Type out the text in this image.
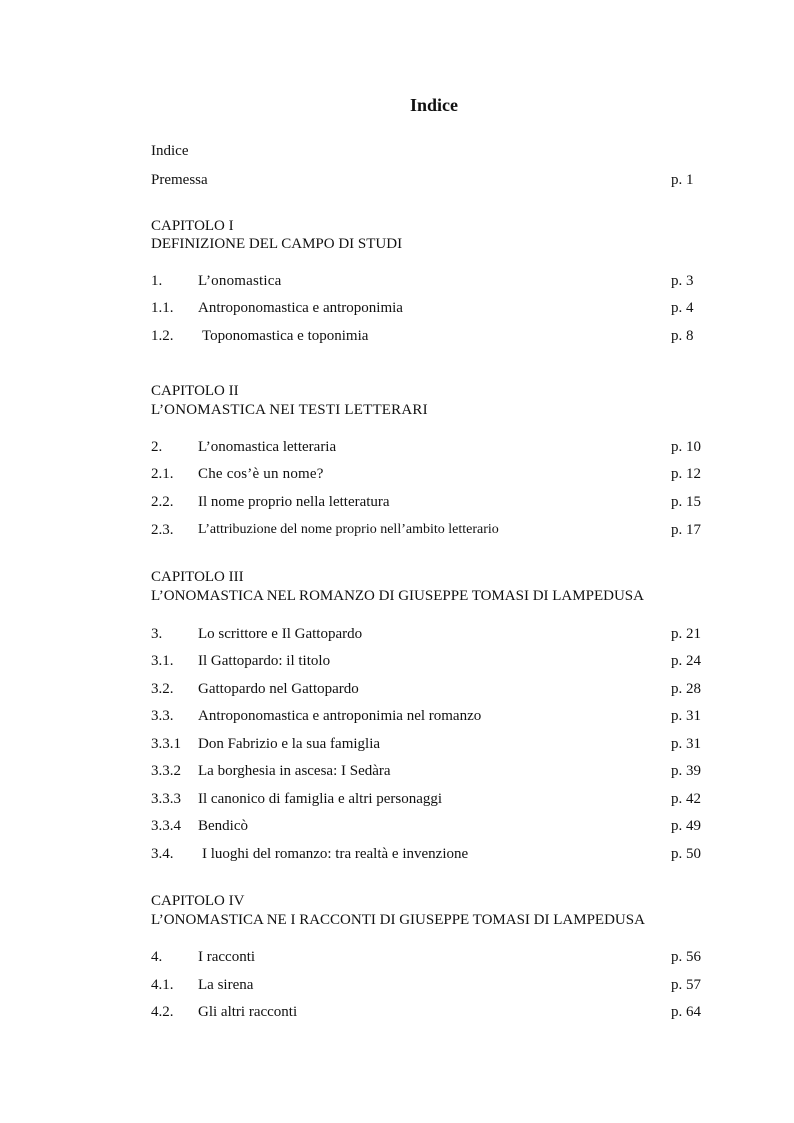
Indice
Indice
Premessa	p. 1
CAPITOLO I
DEFINIZIONE DEL CAMPO DI STUDI
1.	L’onomastica	p. 3
1.1.	Antroponomastica e antroponimia	p. 4
1.2.	Toponomastica e toponimia	p. 8
CAPITOLO II
L’ONOMASTICA NEI TESTI LETTERARI
2.	L’onomastica letteraria	p. 10
2.1.	Che cos’è un nome?	p. 12
2.2.	Il nome proprio nella letteratura	p. 15
2.3.	L’attribuzione del nome proprio nell’ambito letterario	p. 17
CAPITOLO III
L’ONOMASTICA NEL ROMANZO DI GIUSEPPE TOMASI DI LAMPEDUSA
3.	Lo scrittore e Il Gattopardo	p. 21
3.1.	Il Gattopardo: il titolo	p. 24
3.2.	Gattopardo nel Gattopardo	p. 28
3.3.	Antroponomastica e antroponimia nel romanzo	p. 31
3.3.1	Don Fabrizio e la sua famiglia	p. 31
3.3.2	La borghesia in ascesa: I Sedàra	p. 39
3.3.3	Il canonico di famiglia e altri personaggi	p. 42
3.3.4	Bendicò	p. 49
3.4.	I luoghi del romanzo: tra realtà e invenzione	p. 50
CAPITOLO IV
L’ONOMASTICA NE I RACCONTI DI GIUSEPPE TOMASI DI LAMPEDUSA
4.	I racconti	p. 56
4.1.	La sirena	p. 57
4.2.	Gli altri racconti	p. 64
